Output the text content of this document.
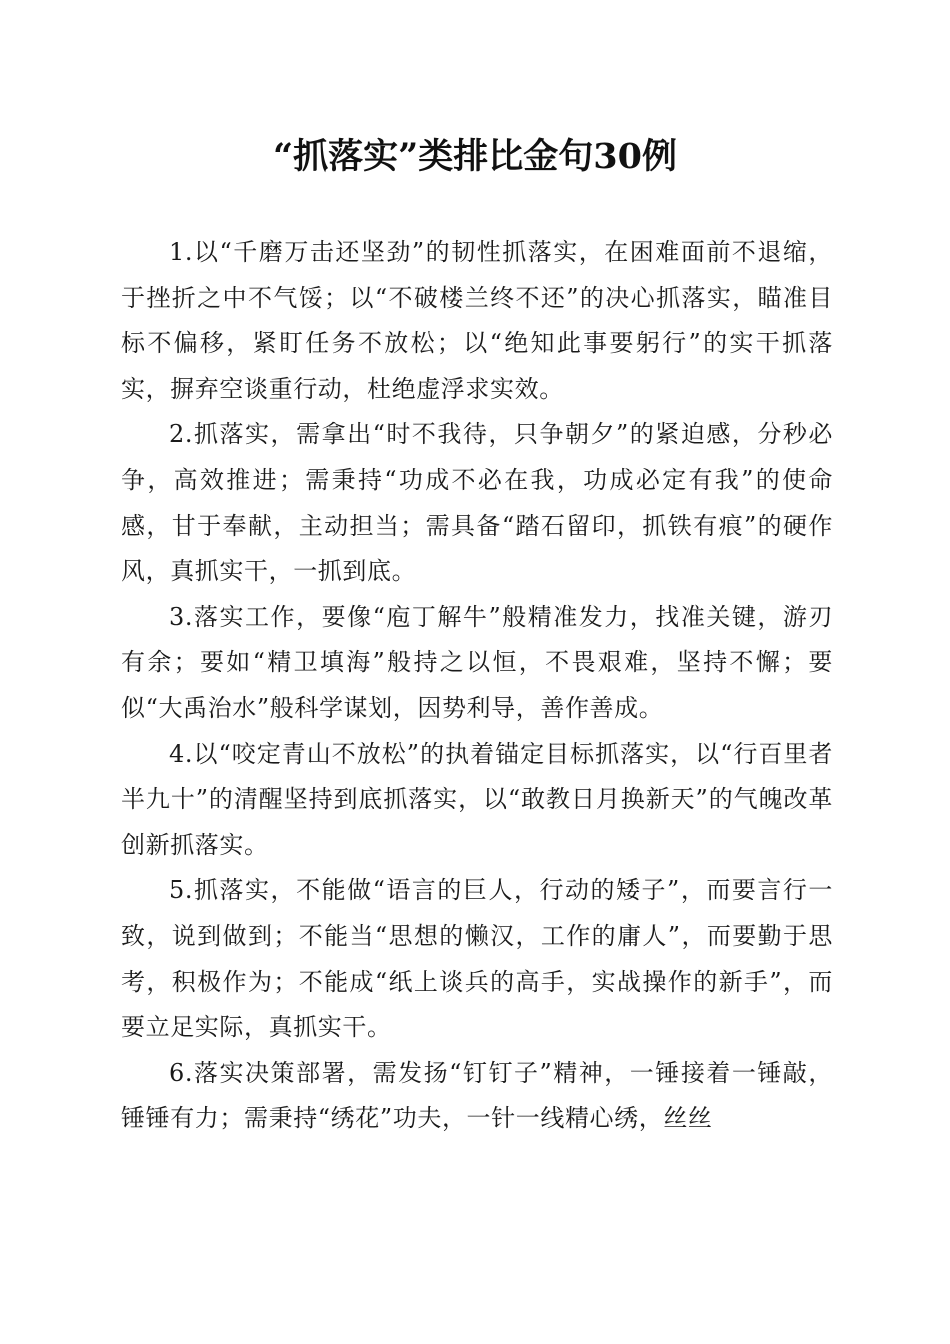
“抓落实”类排比金句30例

1.以“千磨万击还坚劲”的韧性抓落实，在困难面前不退缩，于挫折之中不气馁；以“不破楼兰终不还”的决心抓落实，瞄准目标不偏移，紧盯任务不放松；以“绝知此事要躬行”的实干抓落实，摒弃空谈重行动，杜绝虚浮求实效。

2.抓落实，需拿出“时不我待，只争朝夕”的紧迫感，分秒必争，高效推进；需秉持“功成不必在我，功成必定有我”的使命感，甘于奉献，主动担当；需具备“踏石留印，抓铁有痕”的硬作风，真抓实干，一抓到底。

3.落实工作，要像“庖丁解牛”般精准发力，找准关键，游刃有余；要如“精卫填海”般持之以恒，不畏艰难，坚持不懈；要似“大禹治水”般科学谋划，因势利导，善作善成。

4.以“咬定青山不放松”的执着锚定目标抓落实，以“行百里者半九十”的清醒坚持到底抓落实，以“敢教日月换新天”的气魄改革创新抓落实。

5.抓落实，不能做“语言的巨人，行动的矮子”，而要言行一致，说到做到；不能当“思想的懒汉，工作的庸人”，而要勤于思考，积极作为；不能成“纸上谈兵的高手，实战操作的新手”，而要立足实际，真抓实干。

6.落实决策部署，需发扬“钉钉子”精神，一锤接着一锤敲，锤锤有力；需秉持“绣花”功夫，一针一线精心绣，丝丝
